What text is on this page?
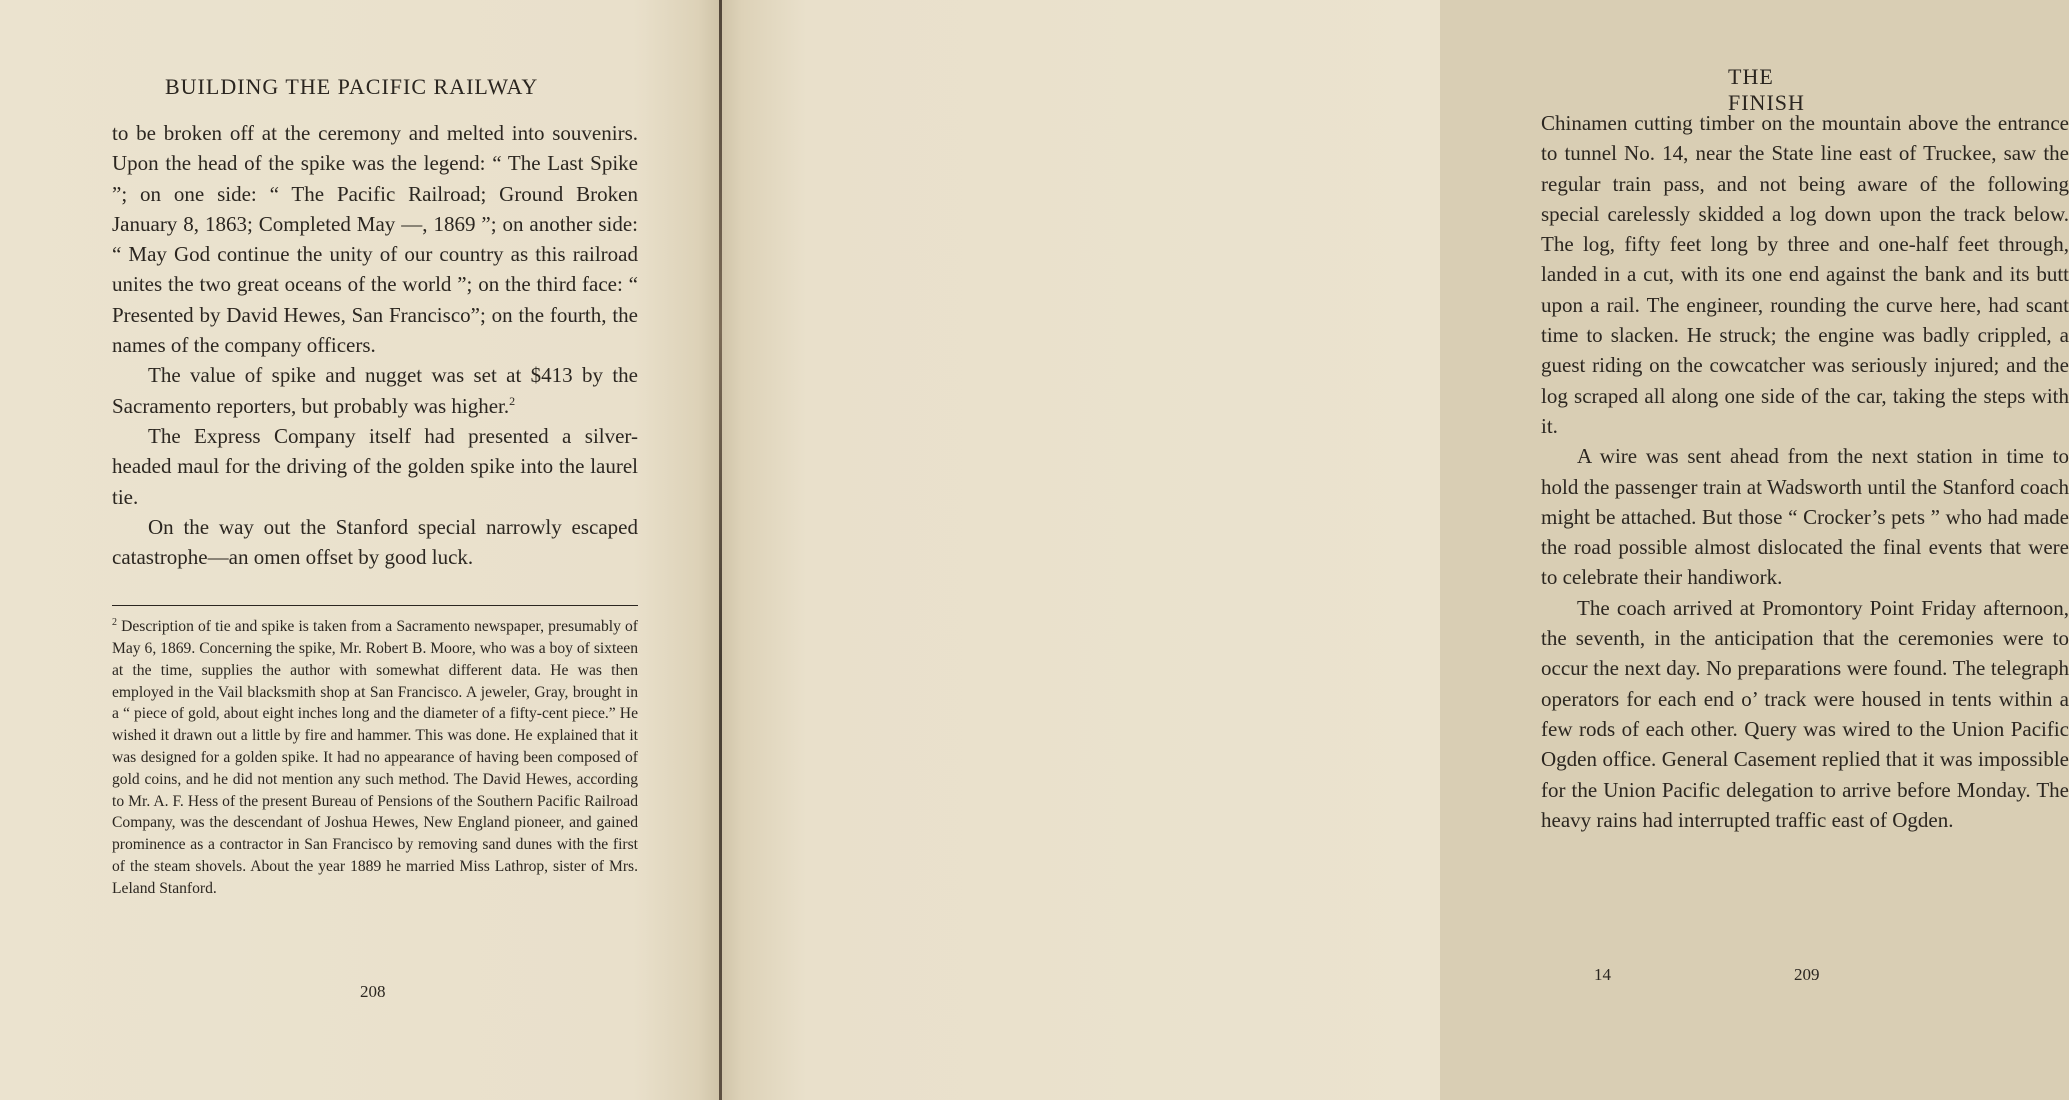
BUILDING THE PACIFIC RAILWAY

to be broken off at the ceremony and melted into souvenirs. Upon the head of the spike was the legend: “ The Last Spike ”; on one side: “ The Pacific Railroad; Ground Broken January 8, 1863; Completed May —, 1869 ”; on another side: “ May God continue the unity of our country as this railroad unites the two great oceans of the world ”; on the third face: “ Presented by David Hewes, San Francisco”; on the fourth, the names of the company officers.

The value of spike and nugget was set at $413 by the Sacramento reporters, but probably was higher.$^2$

The Express Company itself had presented a silver-headed maul for the driving of the golden spike into the laurel tie.

On the way out the Stanford special narrowly escaped catastrophe—an omen offset by good luck.

$^2$ Description of tie and spike is taken from a Sacramento newspaper, presumably of May 6, 1869. Concerning the spike, Mr. Robert B. Moore, who was a boy of sixteen at the time, supplies the author with somewhat different data. He was then employed in the Vail blacksmith shop at San Francisco. A jeweler, Gray, brought in a “ piece of gold, about eight inches long and the diameter of a fifty-cent piece.” He wished it drawn out a little by fire and hammer. This was done. He explained that it was designed for a golden spike. It had no appearance of having been composed of gold coins, and he did not mention any such method. The David Hewes, according to Mr. A. F. Hess of the present Bureau of Pensions of the Southern Pacific Railroad Company, was the descendant of Joshua Hewes, New England pioneer, and gained prominence as a contractor in San Francisco by removing sand dunes with the first of the steam shovels. About the year 1889 he married Miss Lathrop, sister of Mrs. Leland Stanford.
208
THE FINISH

Chinamen cutting timber on the mountain above the entrance to tunnel No. 14, near the State line east of Truckee, saw the regular train pass, and not being aware of the following special carelessly skidded a log down upon the track below. The log, fifty feet long by three and one-half feet through, landed in a cut, with its one end against the bank and its butt upon a rail. The engineer, rounding the curve here, had scant time to slacken. He struck; the engine was badly crippled, a guest riding on the cowcatcher was seriously injured; and the log scraped all along one side of the car, taking the steps with it.

A wire was sent ahead from the next station in time to hold the passenger train at Wadsworth until the Stanford coach might be attached. But those “ Crocker’s pets ” who had made the road possible almost dislocated the final events that were to celebrate their handiwork.

The coach arrived at Promontory Point Friday afternoon, the seventh, in the anticipation that the ceremonies were to occur the next day. No preparations were found. The telegraph operators for each end o’ track were housed in tents within a few rods of each other. Query was wired to the Union Pacific Ogden office. General Casement replied that it was impossible for the Union Pacific delegation to arrive before Monday. The heavy rains had interrupted traffic east of Ogden.

14	209
